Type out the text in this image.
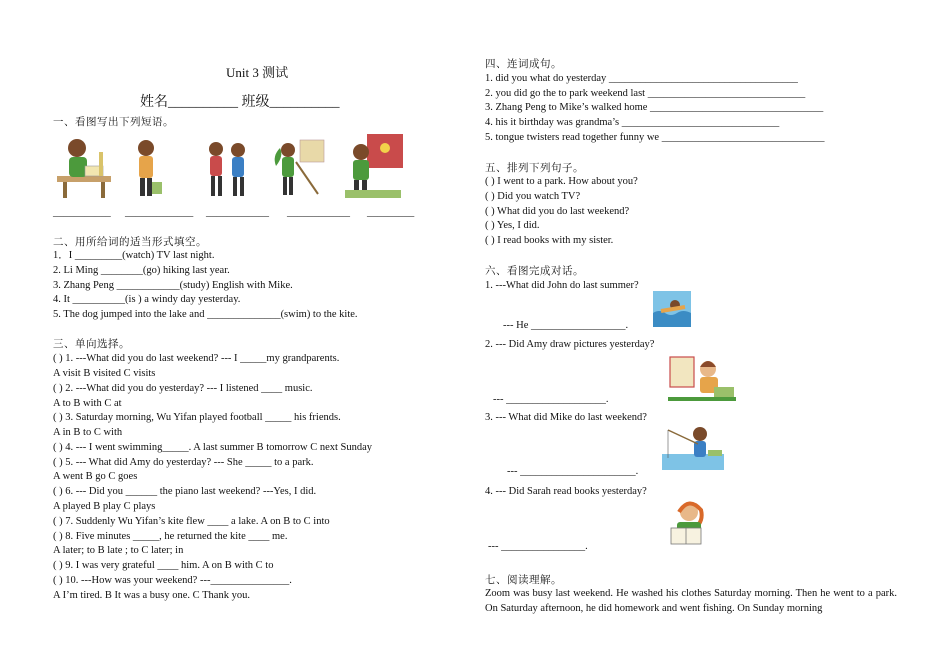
Unit 3 测试
姓名__________ 班级__________
一、看图写出下列短语。
___________ _____________ ____________ ____________ _________
二、用所给词的适当形式填空。
1．I _________(watch) TV last night.
2. Li Ming ________(go) hiking last year.
3. Zhang Peng ____________(study) English with Mike.
4. It __________(is ) a windy day yesterday.
5. The dog jumped into the lake and ______________(swim) to the kite.
三、单向选择。
( ) 1. ---What did you do last weekend? --- I _____my grandparents.
A visit B visited C visits
( ) 2. ---What did you do yesterday? --- I listened ____ music.
A to B with C at
( ) 3. Saturday morning, Wu Yifan played football _____ his friends.
A in B to C with
( ) 4. --- I went swimming_____. A last summer B tomorrow C next Sunday
( ) 5. --- What did Amy do yesterday? --- She _____ to a park.
A went B go C goes
( ) 6. --- Did you ______ the piano last weekend? ---Yes, I did.
A played B play C plays
( ) 7. Suddenly Wu Yifan’s kite flew ____ a lake. A on B to C into
( ) 8. Five minutes _____, he returned the kite ____ me.
A later; to B late ; to C later; in
( ) 9. I was very grateful ____ him. A on B with C to
( ) 10. ---How was your weekend? ---_______________.
A I’m tired. B It was a busy one. C Thank you.
四、连词成句。
1. did you what do yesterday ____________________________________
2. you did go the to park weekend last ______________________________
3. Zhang Peng to Mike’s walked home _________________________________
4. his it birthday was grandma’s ______________________________
5. tongue twisters read together funny we _______________________________
五、排列下列句子。
( ) I went to a park. How about you?
( ) Did you watch TV?
( ) What did you do last weekend?
( ) Yes, I did.
( ) I read books with my sister.
六、看图完成对话。
1. ---What did John do last summer?
--- He __________________.
2. --- Did Amy draw pictures yesterday?
--- ___________________.
3. --- What did Mike do last weekend?
--- ______________________.
4. --- Did Sarah read books yesterday?
--- ________________.
七、阅读理解。
Zoom was busy last weekend. He washed his clothes Saturday morning. Then he went to a park. On Saturday afternoon, he did homework and went fishing. On Sunday morning
